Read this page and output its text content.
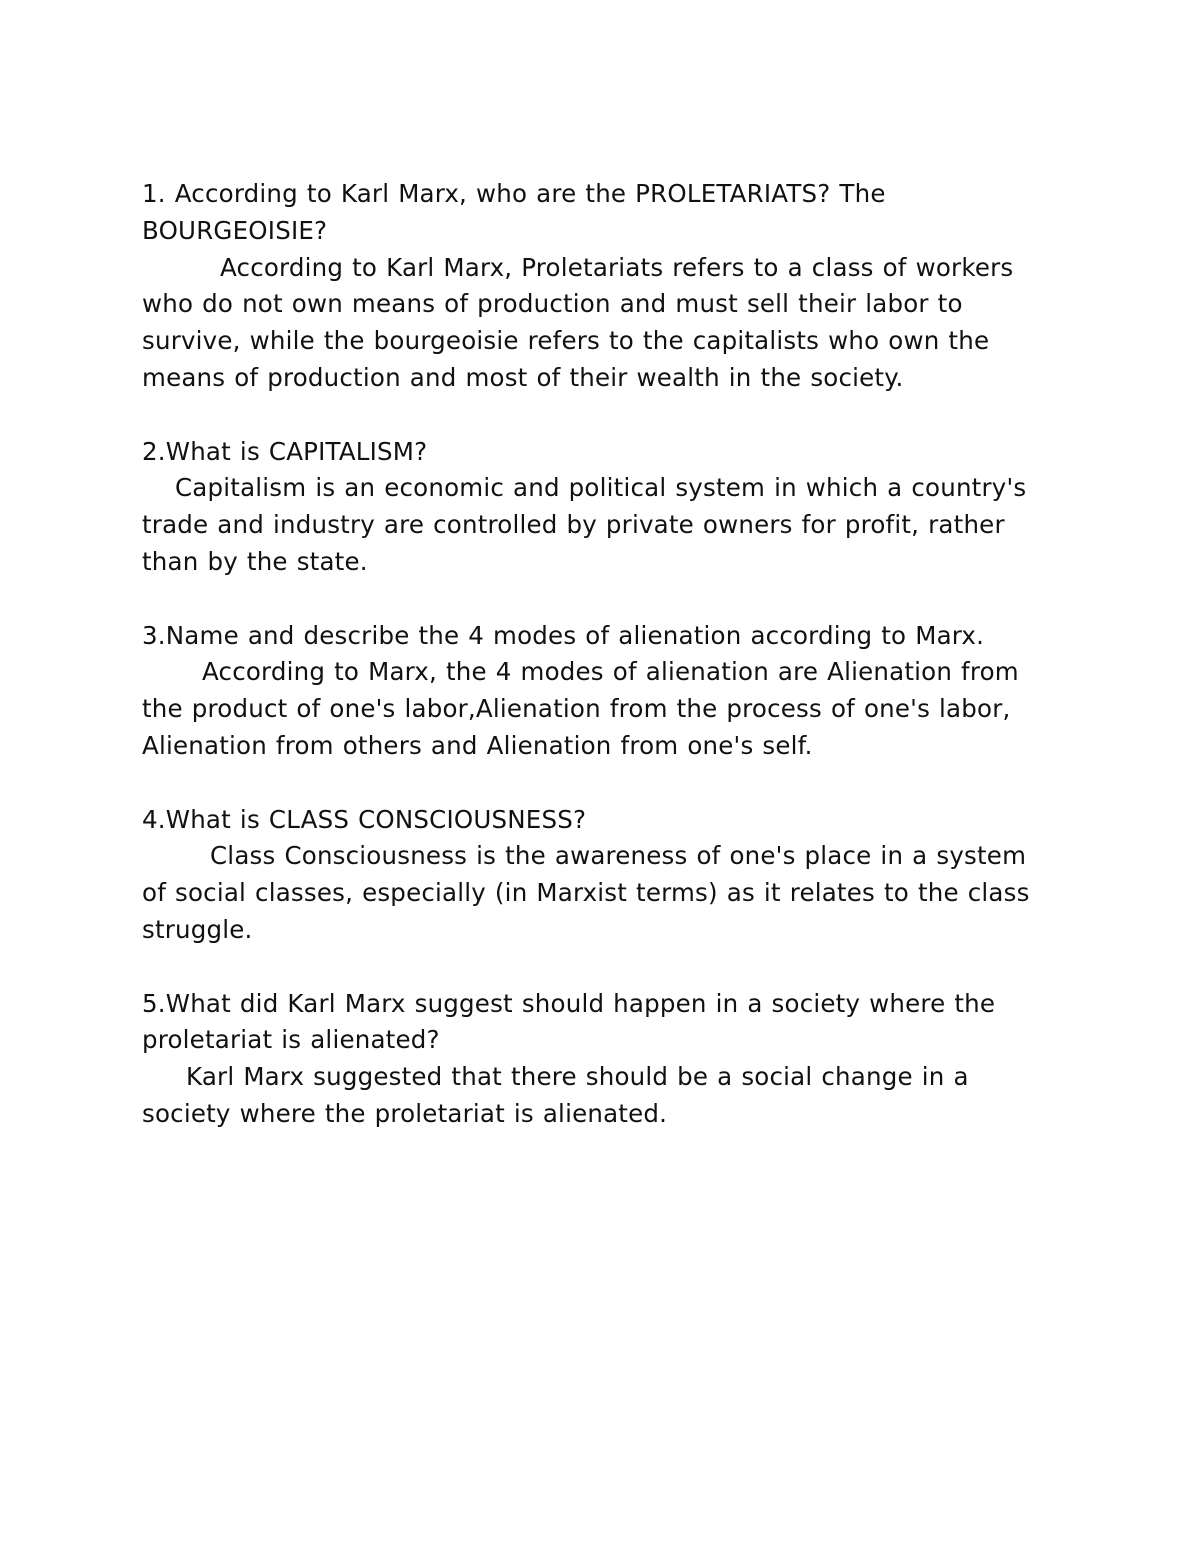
1. According to Karl Marx, who are the PROLETARIATS? The BOURGEOISIE?

According to Karl Marx, Proletariats refers to a class of workers who do not own means of production and must sell their labor to survive, while the bourgeoisie refers to the capitalists who own the means of production and most of their wealth in the society.

2.What is CAPITALISM?

Capitalism is an economic and political system in which a country's trade and industry are controlled by private owners for profit, rather than by the state.

3.Name and describe the 4 modes of alienation according to Marx.

According to Marx, the 4 modes of alienation are Alienation from the product of one's labor,Alienation from the process of one's labor, Alienation from others and Alienation from one's self.

4.What is CLASS CONSCIOUSNESS?

Class Consciousness is the awareness of one's place in a system of social classes, especially (in Marxist terms) as it relates to the class struggle.

5.What did Karl Marx suggest should happen in a society where the proletariat is alienated?

Karl Marx suggested that there should be a social change in a society where the proletariat is alienated.
